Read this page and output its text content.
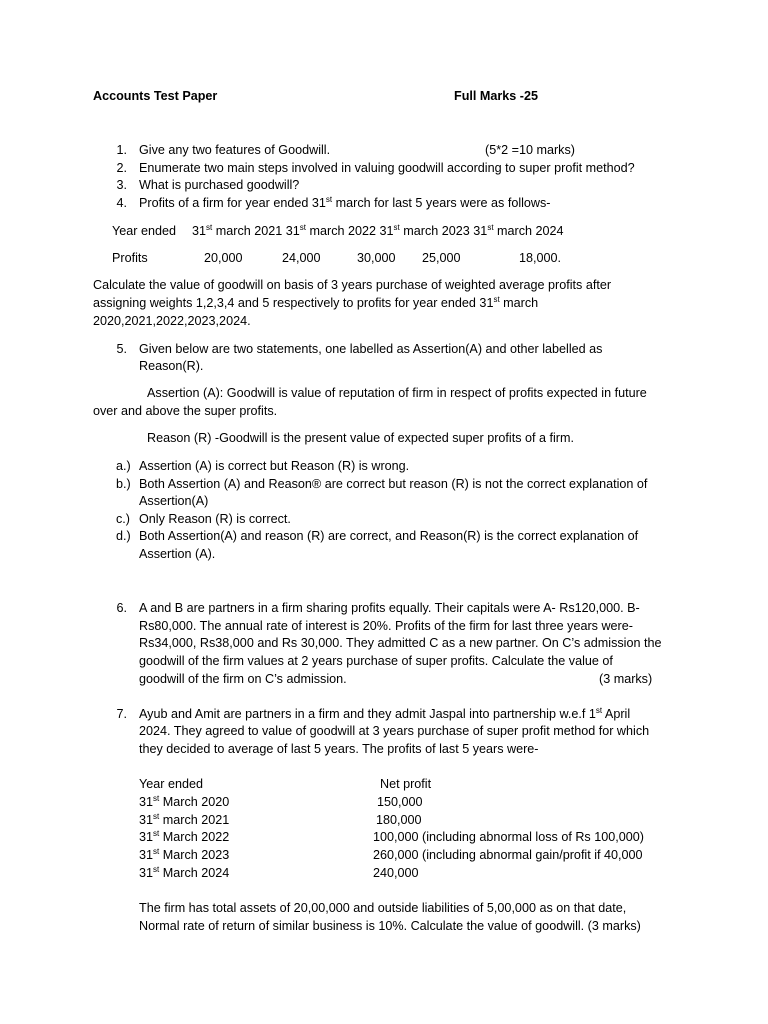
Accounts Test Paper	Full Marks -25
1. Give any two features of Goodwill.	(5*2 =10 marks)
2. Enumerate two main steps involved in valuing goodwill according to super profit method?
3. What is purchased goodwill?
4. Profits of a firm for year ended 31st march for last 5 years were as follows-
Year ended 31st march 2021 31st march 2022 31st march 2023 31st march 2024
Profits	20,000	24,000	30,000 25,000	18,000.
Calculate the value of goodwill on basis of 3 years purchase of weighted average profits after
assigning weights 1,2,3,4 and 5 respectively to profits for year ended 31st march
2020,2021,2022,2023,2024.
5. Given below are two statements, one labelled as Assertion(A) and other labelled as
Reason(R).
Assertion (A): Goodwill is value of reputation of firm in respect of profits expected in future
over and above the super profits.
Reason (R) -Goodwill is the present value of expected super profits of a firm.
a.) Assertion (A) is correct but Reason (R) is wrong.
b.) Both Assertion (A) and Reason® are correct but reason (R) is not the correct explanation of
Assertion(A)
c.) Only Reason (R) is correct.
d.) Both Assertion(A) and reason (R) are correct, and Reason(R) is the correct explanation of
Assertion (A).
6. A and B are partners in a firm sharing profits equally. Their capitals were A- Rs120,000. B-
Rs80,000. The annual rate of interest is 20%. Profits of the firm for last three years were-
Rs34,000, Rs38,000 and Rs 30,000. They admitted C as a new partner. On C’s admission the
goodwill of the firm values at 2 years purchase of super profits. Calculate the value of
goodwill of the firm on C’s admission.	(3 marks)
7. Ayub and Amit are partners in a firm and they admit Jaspal into partnership w.e.f 1st April
2024. They agreed to value of goodwill at 3 years purchase of super profit method for which
they decided to average of last 5 years. The profits of last 5 years were-
Year ended	Net profit
31st March 2020	150,000
31st march 2021	180,000
31st March 2022	100,000 (including abnormal loss of Rs 100,000)
31st March 2023	260,000 (including abnormal gain/profit if 40,000
31st March 2024	240,000
The firm has total assets of 20,00,000 and outside liabilities of 5,00,000 as on that date,
Normal rate of return of similar business is 10%. Calculate the value of goodwill. (3 marks)
